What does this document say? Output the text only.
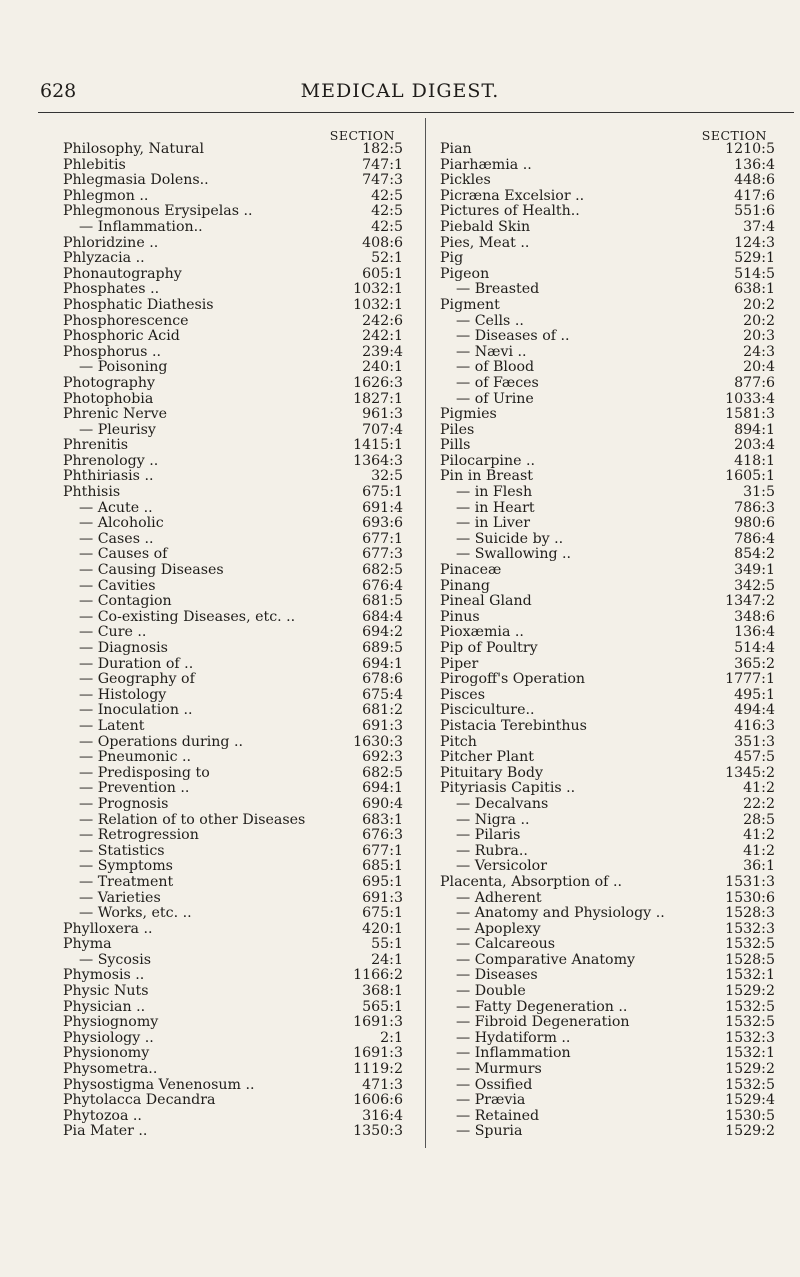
628	MEDICAL DIGEST.
SECTION
Philosophy, Natural	182:5
Phlebitis	747:1
Phlegmasia Dolens..	747:3
Phlegmon ..	42:5
Phlegmonous Erysipelas ..	42:5
— Inflammation..	42:5
Phloridzine ..	408:6
Phlyzacia ..	52:1
Phonautography	605:1
Phosphates ..	1032:1
Phosphatic Diathesis	1032:1
Phosphorescence	242:6
Phosphoric Acid	242:1
Phosphorus ..	239:4
— Poisoning	240:1
Photography	1626:3
Photophobia	1827:1
Phrenic Nerve	961:3
— Pleurisy	707:4
Phrenitis	1415:1
Phrenology ..	1364:3
Phthiriasis ..	32:5
Phthisis	675:1
— Acute ..	691:4
— Alcoholic	693:6
— Cases ..	677:1
— Causes of	677:3
— Causing Diseases	682:5
— Cavities	676:4
— Contagion	681:5
— Co-existing Diseases, etc. ..	684:4
— Cure ..	694:2
— Diagnosis	689:5
— Duration of ..	694:1
— Geography of	678:6
— Histology	675:4
— Inoculation ..	681:2
— Latent	691:3
— Operations during ..	1630:3
— Pneumonic ..	692:3
— Predisposing to	682:5
— Prevention ..	694:1
— Prognosis	690:4
— Relation of to other Diseases	683:1
— Retrogression	676:3
— Statistics	677:1
— Symptoms	685:1
— Treatment	695:1
— Varieties	691:3
— Works, etc. ..	675:1
Phylloxera ..	420:1
Phyma	55:1
— Sycosis	24:1
Phymosis ..	1166:2
Physic Nuts	368:1
Physician ..	565:1
Physiognomy	1691:3
Physiology ..	2:1
Physionomy	1691:3
Physometra..	1119:2
Physostigma Venenosum ..	471:3
Phytolacca Decandra	1606:6
Phytozoa ..	316:4
Pia Mater ..	1350:3
SECTION
Pian	1210:5
Piarhæmia ..	136:4
Pickles	448:6
Picræna Excelsior ..	417:6
Pictures of Health..	551:6
Piebald Skin	37:4
Pies, Meat ..	124:3
Pig	529:1
Pigeon	514:5
— Breasted	638:1
Pigment	20:2
— Cells ..	20:2
— Diseases of ..	20:3
— Nævi ..	24:3
— of Blood	20:4
— of Fæces	877:6
— of Urine	1033:4
Pigmies	1581:3
Piles	894:1
Pills	203:4
Pilocarpine ..	418:1
Pin in Breast	1605:1
— in Flesh	31:5
— in Heart	786:3
— in Liver	980:6
— Suicide by ..	786:4
— Swallowing ..	854:2
Pinaceæ	349:1
Pinang	342:5
Pineal Gland	1347:2
Pinus	348:6
Pioxæmia ..	136:4
Pip of Poultry	514:4
Piper	365:2
Pirogoff's Operation	1777:1
Pisces	495:1
Pisciculture..	494:4
Pistacia Terebinthus	416:3
Pitch	351:3
Pitcher Plant	457:5
Pituitary Body	1345:2
Pityriasis Capitis ..	41:2
— Decalvans	22:2
— Nigra ..	28:5
— Pilaris	41:2
— Rubra..	41:2
— Versicolor	36:1
Placenta, Absorption of ..	1531:3
— Adherent	1530:6
— Anatomy and Physiology ..	1528:3
— Apoplexy	1532:3
— Calcareous	1532:5
— Comparative Anatomy	1528:5
— Diseases	1532:1
— Double	1529:2
— Fatty Degeneration ..	1532:5
— Fibroid Degeneration	1532:5
— Hydatiform ..	1532:3
— Inflammation	1532:1
— Murmurs	1529:2
— Ossified	1532:5
— Prævia	1529:4
— Retained	1530:5
— Spuria	1529:2
